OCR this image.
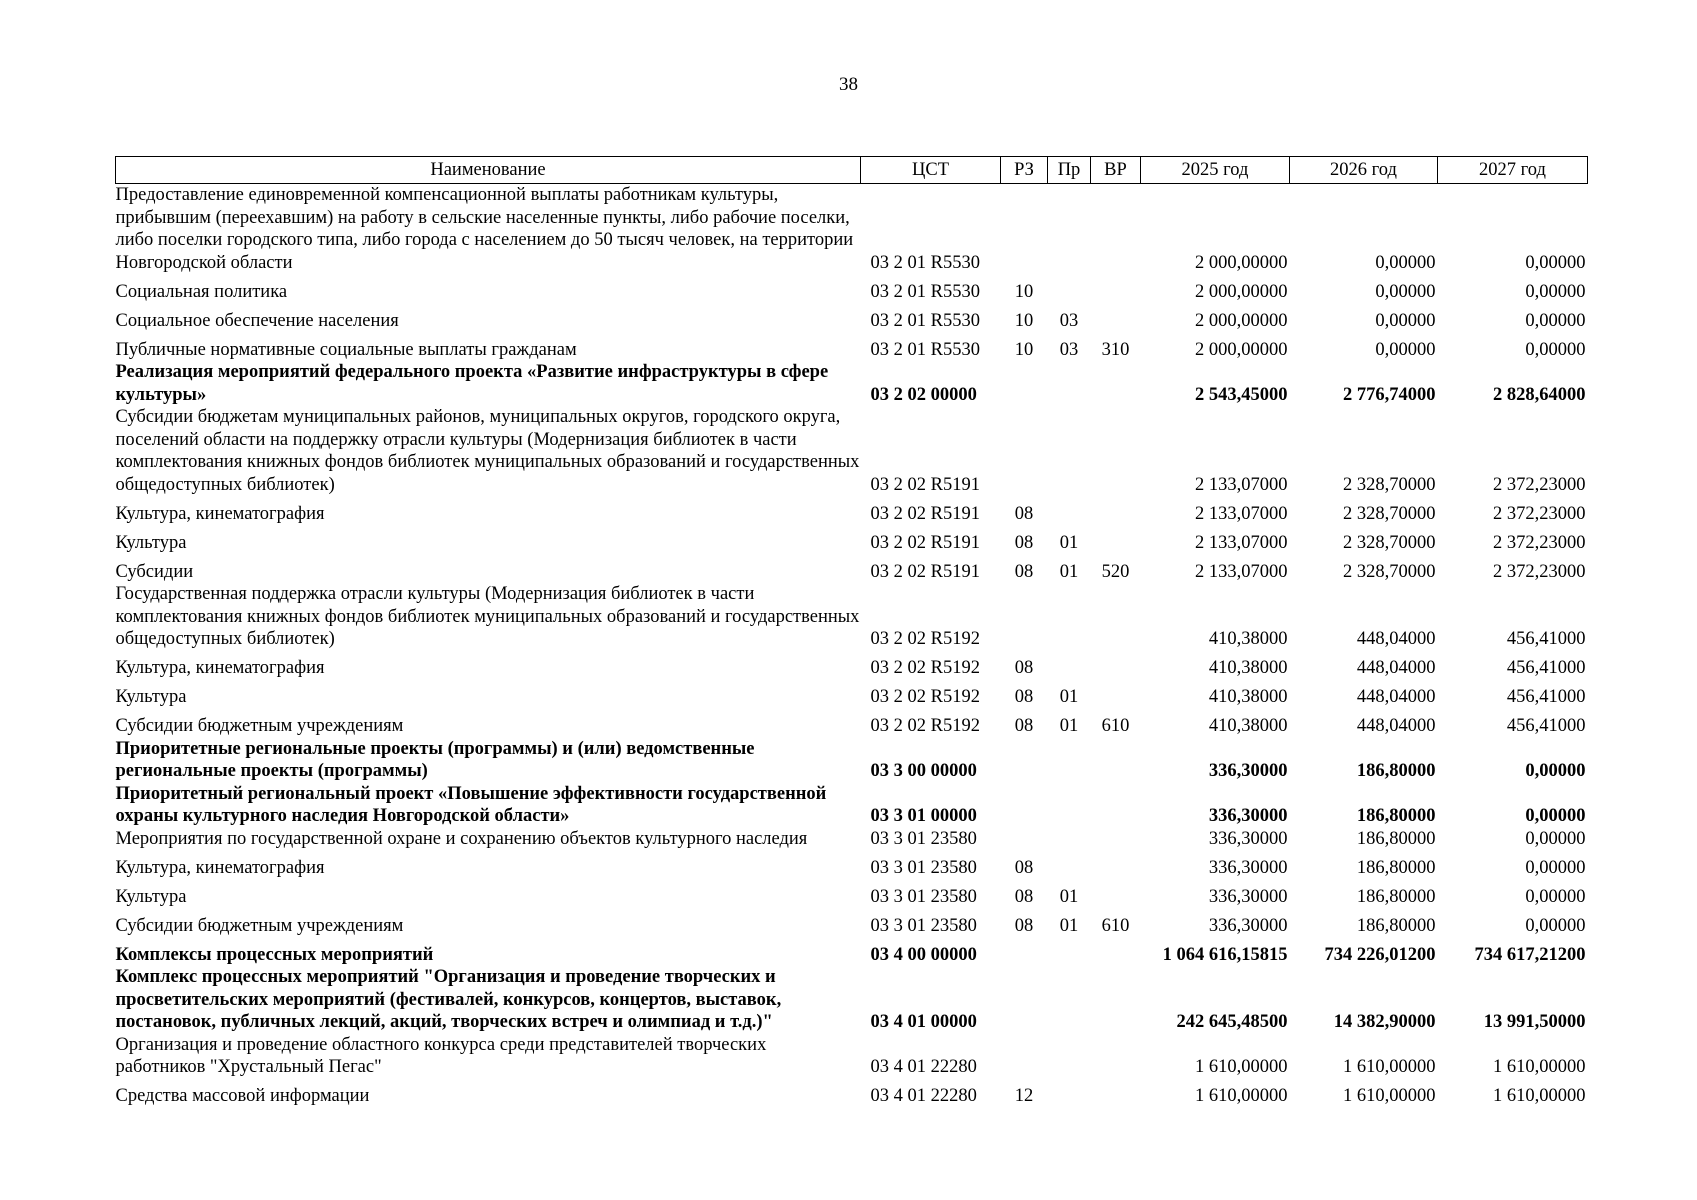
38
Наименование	ЦСТ	РЗ	Пр	ВР	2025 год	2026 год	2027 год
Предоставление единовременной компенсационной выплаты работникам культуры, прибывшим (переехавшим) на работу в сельские населенные пункты, либо рабочие поселки, либо поселки городского типа, либо города с населением до 50 тысяч человек, на территории Новгородской области	03 2 01 R5530				2 000,00000	0,00000	0,00000
Социальная политика	03 2 01 R5530	10			2 000,00000	0,00000	0,00000
Социальное обеспечение населения	03 2 01 R5530	10	03		2 000,00000	0,00000	0,00000
Публичные нормативные социальные выплаты гражданам	03 2 01 R5530	10	03	310	2 000,00000	0,00000	0,00000
Реализация мероприятий федерального проекта «Развитие инфраструктуры в сфере культуры»	03 2 02 00000				2 543,45000	2 776,74000	2 828,64000
Субсидии бюджетам муниципальных районов, муниципальных округов, городского округа, поселений области на поддержку отрасли культуры (Модернизация библиотек в части комплектования книжных фондов библиотек муниципальных образований и государственных общедоступных библиотек)	03 2 02 R5191				2 133,07000	2 328,70000	2 372,23000
Культура, кинематография	03 2 02 R5191	08			2 133,07000	2 328,70000	2 372,23000
Культура	03 2 02 R5191	08	01		2 133,07000	2 328,70000	2 372,23000
Субсидии	03 2 02 R5191	08	01	520	2 133,07000	2 328,70000	2 372,23000
Государственная поддержка отрасли культуры (Модернизация библиотек в части комплектования книжных фондов библиотек муниципальных образований и государственных общедоступных библиотек)	03 2 02 R5192				410,38000	448,04000	456,41000
Культура, кинематография	03 2 02 R5192	08			410,38000	448,04000	456,41000
Культура	03 2 02 R5192	08	01		410,38000	448,04000	456,41000
Субсидии бюджетным учреждениям	03 2 02 R5192	08	01	610	410,38000	448,04000	456,41000
Приоритетные региональные проекты (программы) и (или) ведомственные региональные проекты (программы)	03 3 00 00000				336,30000	186,80000	0,00000
Приоритетный региональный проект «Повышение эффективности государственной охраны культурного наследия Новгородской области»	03 3 01 00000				336,30000	186,80000	0,00000
Мероприятия по государственной охране и сохранению объектов культурного наследия	03 3 01 23580				336,30000	186,80000	0,00000
Культура, кинематография	03 3 01 23580	08			336,30000	186,80000	0,00000
Культура	03 3 01 23580	08	01		336,30000	186,80000	0,00000
Субсидии бюджетным учреждениям	03 3 01 23580	08	01	610	336,30000	186,80000	0,00000
Комплексы процессных мероприятий	03 4 00 00000				1 064 616,15815	734 226,01200	734 617,21200
Комплекс процессных мероприятий "Организация и проведение творческих и просветительских мероприятий (фестивалей, конкурсов, концертов, выставок, постановок, публичных лекций, акций, творческих встреч и олимпиад и т.д.)"	03 4 01 00000				242 645,48500	14 382,90000	13 991,50000
Организация и проведение областного конкурса среди представителей творческих работников "Хрустальный Пегас"	03 4 01 22280				1 610,00000	1 610,00000	1 610,00000
Средства массовой информации	03 4 01 22280	12			1 610,00000	1 610,00000	1 610,00000
